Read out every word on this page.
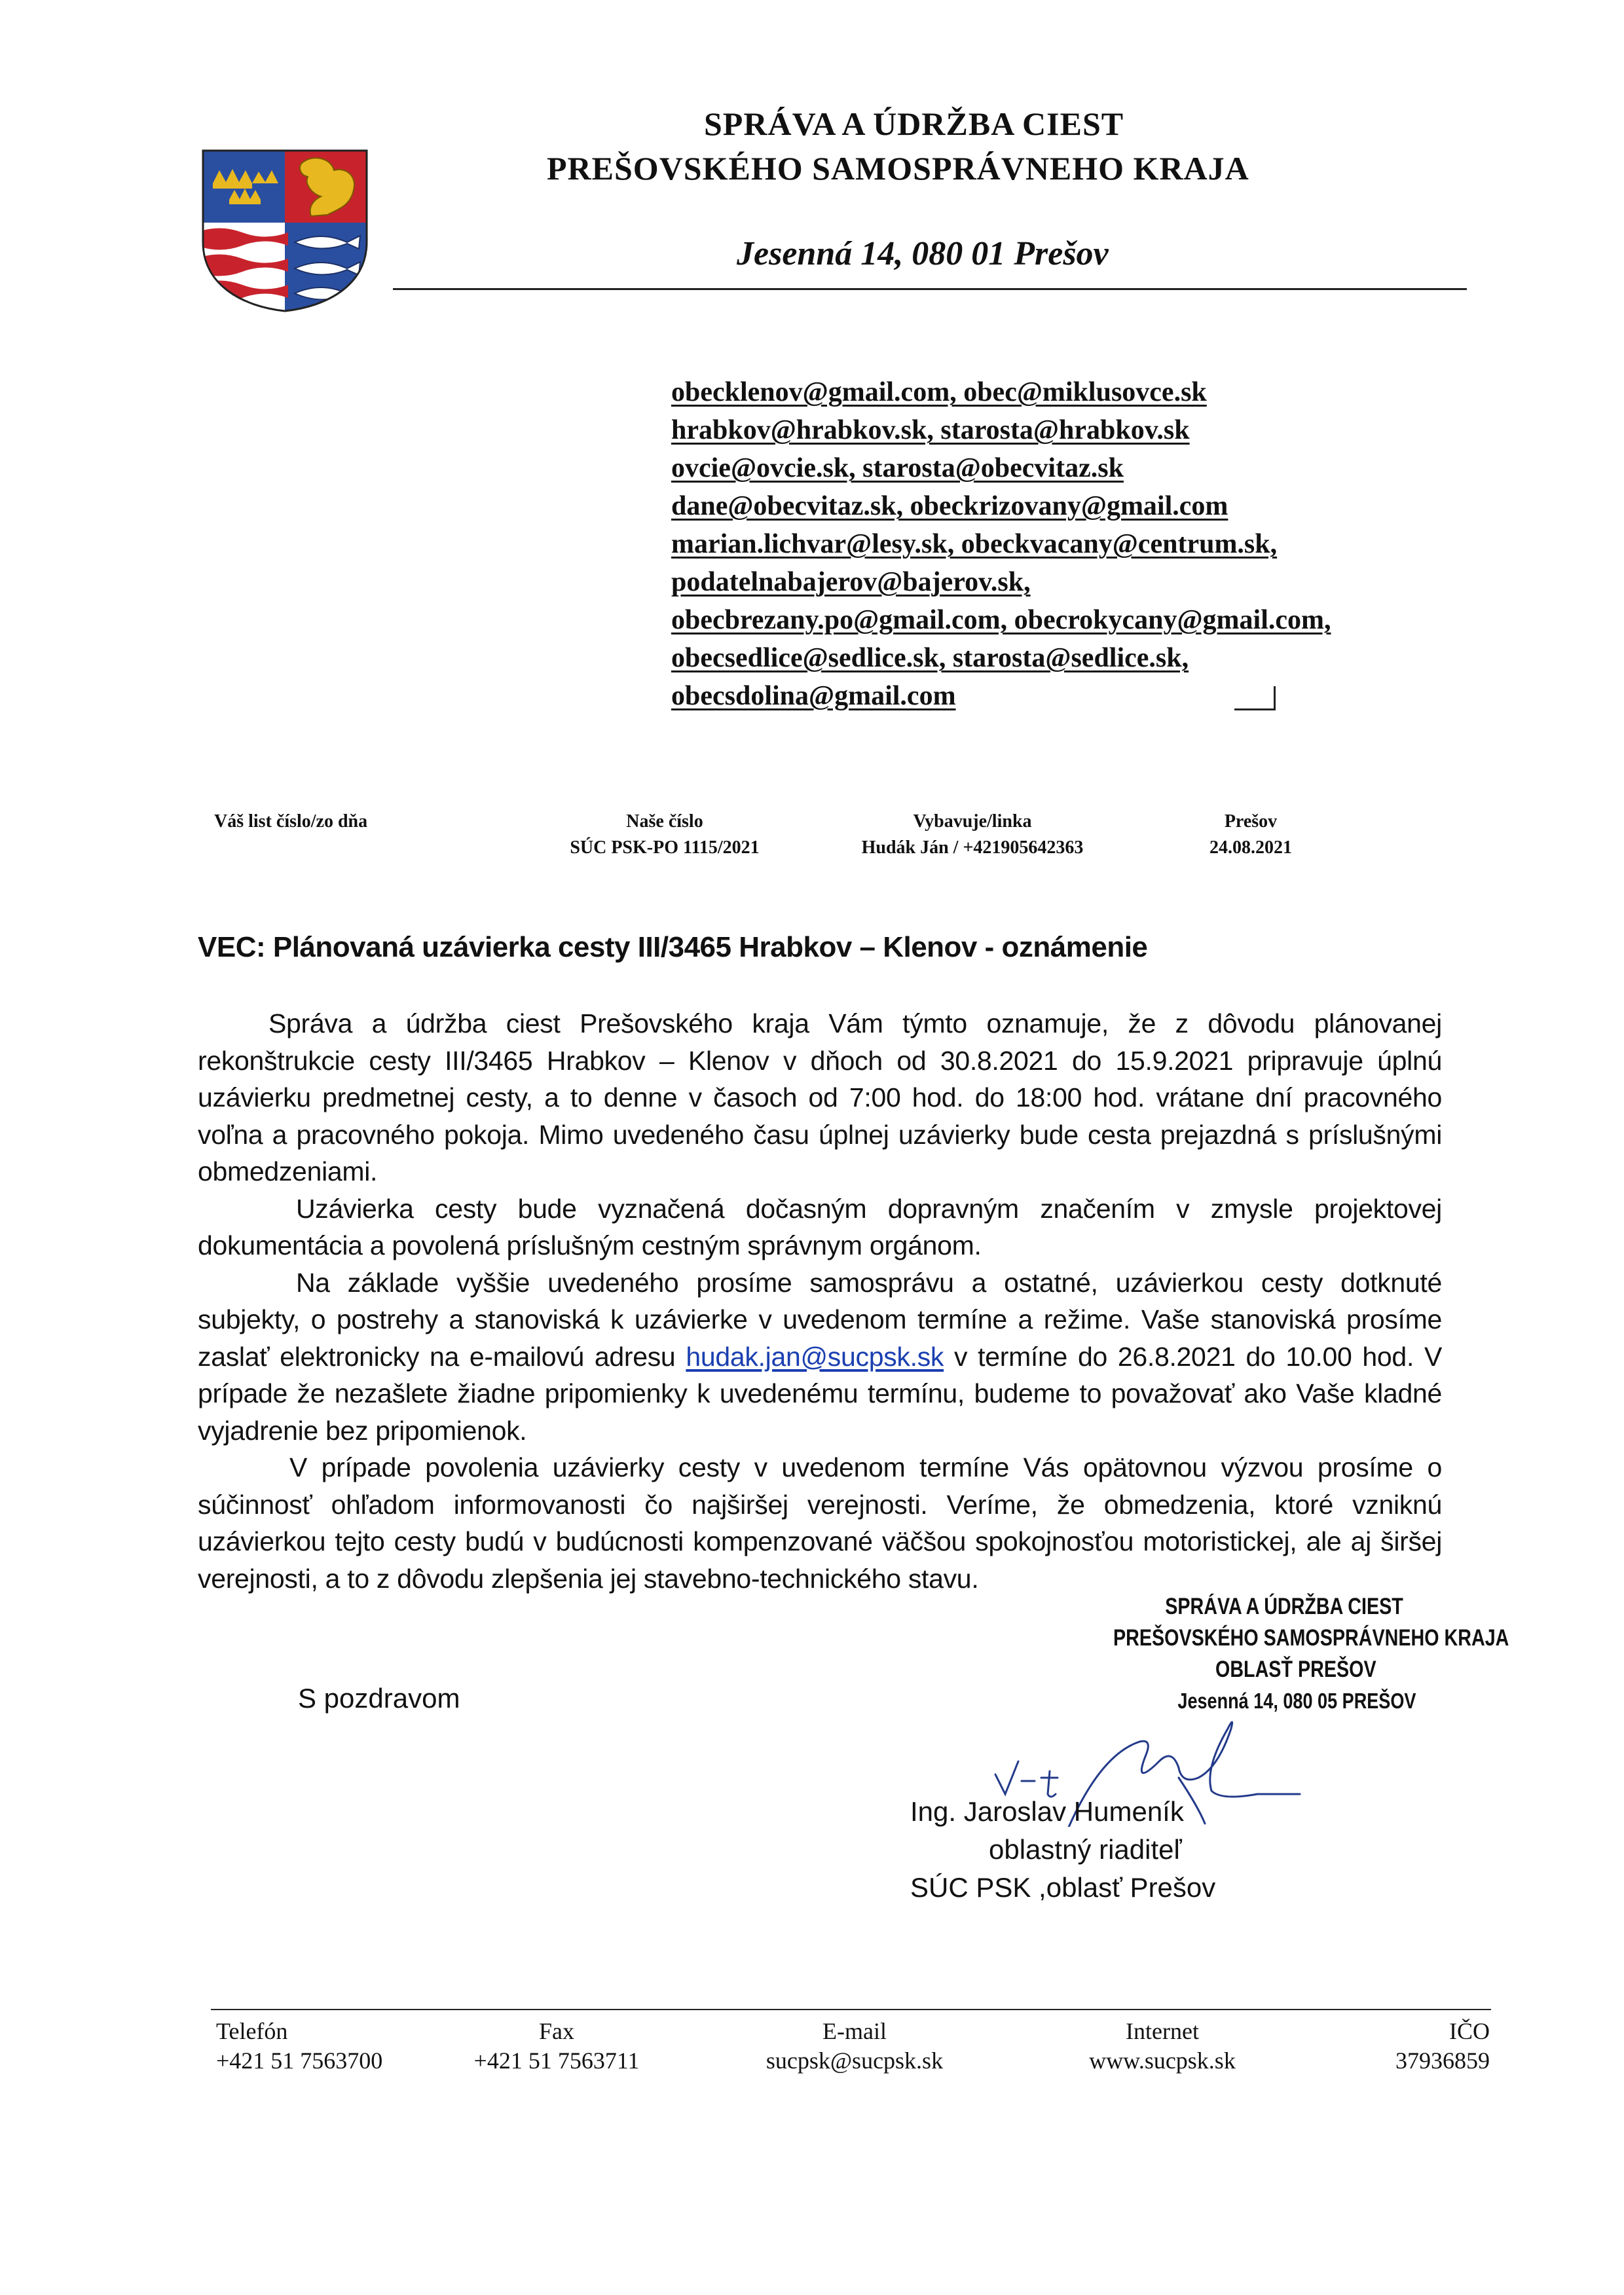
SPRÁVA A ÚDRŽBA CIEST
PREŠOVSKÉHO SAMOSPRÁVNEHO KRAJA
Jesenná 14, 080 01 Prešov
obecklenov@gmail.com, obec@miklusovce.sk
hrabkov@hrabkov.sk, starosta@hrabkov.sk
ovcie@ovcie.sk, starosta@obecvitaz.sk
dane@obecvitaz.sk, obeckrizovany@gmail.com
marian.lichvar@lesy.sk, obeckvacany@centrum.sk,
podatelnabajerov@bajerov.sk,
obecbrezany.po@gmail.com, obecrokycany@gmail.com,
obecsedlice@sedlice.sk, starosta@sedlice.sk,
obecsdolina@gmail.com
Váš list číslo/zo dňa	Naše číslo
SÚC PSK-PO 1115/2021
Vybavuje/linka
Hudák Ján / +421905642363
Prešov
24.08.2021
VEC: Plánovaná uzávierka cesty III/3465 Hrabkov – Klenov - oznámenie

Správa a údržba ciest Prešovského kraja Vám týmto oznamuje, že z dôvodu plánovanej rekonštrukcie cesty III/3465 Hrabkov – Klenov v dňoch od 30.8.2021 do 15.9.2021 pripravuje úplnú uzávierku predmetnej cesty, a to denne v časoch od 7:00 hod. do 18:00 hod. vrátane dní pracovného voľna a pracovného pokoja. Mimo uvedeného času úplnej uzávierky bude cesta prejazdná s príslušnými obmedzeniami.

Uzávierka cesty bude vyznačená dočasným dopravným značením v zmysle projektovej dokumentácia a povolená príslušným cestným správnym orgánom.

Na základe vyššie uvedeného prosíme samosprávu a ostatné, uzávierkou cesty dotknuté subjekty, o postrehy a stanoviská k uzávierke v uvedenom termíne a režime. Vaše stanoviská prosíme zaslať elektronicky na e-mailovú adresu hudak.jan@sucpsk.sk v termíne do 26.8.2021 do 10.00 hod. V prípade že nezašlete žiadne pripomienky k uvedenému termínu, budeme to považovať ako Vaše kladné vyjadrenie bez pripomienok.

V prípade povolenia uzávierky cesty v uvedenom termíne Vás opätovnou výzvou prosíme o súčinnosť ohľadom informovanosti čo najširšej verejnosti. Veríme, že obmedzenia, ktoré vzniknú uzávierkou tejto cesty budú v budúcnosti kompenzované väčšou spokojnosťou motoristickej, ale aj širšej verejnosti, a to z dôvodu zlepšenia jej stavebno-technického stavu.

SPRÁVA A ÚDRŽBA CIEST
PREŠOVSKÉHO SAMOSPRÁVNEHO KRAJA
OBLASŤ PREŠOV
Jesenná 14, 080 05 PREŠOV
S pozdravom
Ing. Jaroslav Humeník
oblastný riaditeľ
SÚC PSK ,oblasť Prešov
Telefón
+421 51 7563700
Fax
+421 51 7563711
E-mail
sucpsk@sucpsk.sk
Internet
www.sucpsk.sk
IČO
37936859
